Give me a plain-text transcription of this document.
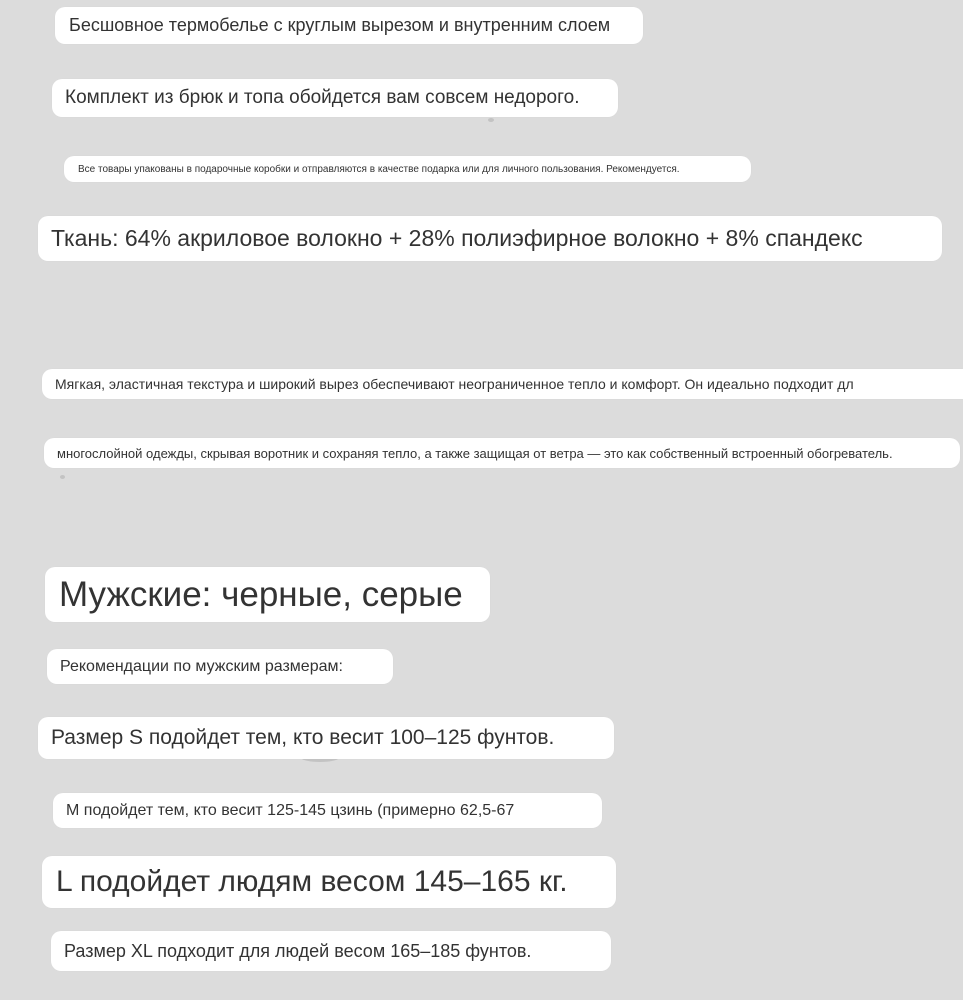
Бесшовное термобелье с круглым вырезом и внутренним слоем
Комплект из брюк и топа обойдется вам совсем недорого.
Все товары упакованы в подарочные коробки и отправляются в качестве подарка или для личного пользования. Рекомендуется.
Ткань: 64% акриловое волокно + 28% полиэфирное волокно + 8% спандекс
Мягкая, эластичная текстура и широкий вырез обеспечивают неограниченное тепло и комфорт. Он идеально подходит дл
многослойной одежды, скрывая воротник и сохраняя тепло, а также защищая от ветра — это как собственный встроенный обогреватель.
Мужские: черные, серые
Рекомендации по мужским размерам:
Размер S подойдет тем, кто весит 100–125 фунтов.
M подойдет тем, кто весит 125-145 цзинь (примерно 62,5-67
L подойдет людям весом 145–165 кг.
Размер XL подходит для людей весом 165–185 фунтов.
